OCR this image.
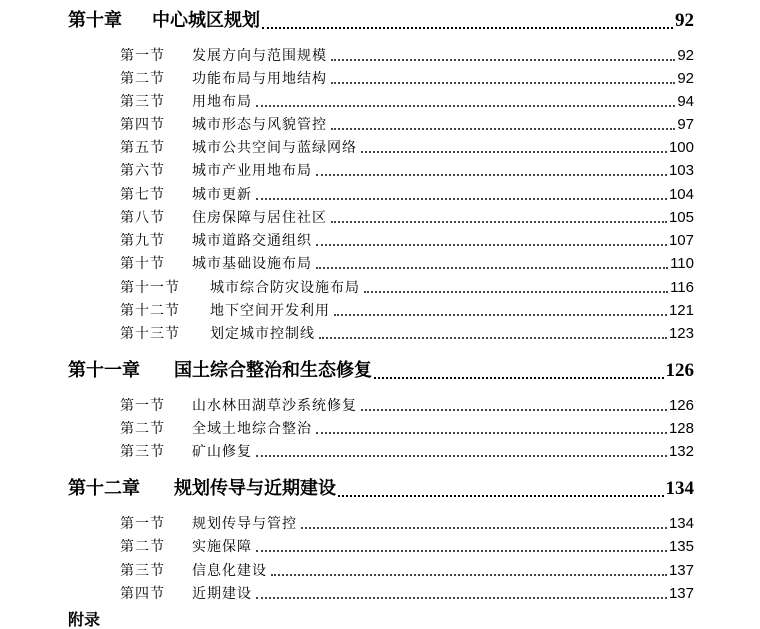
第十章	中心城区规划	92
第一节	发展方向与范围规模	92
第二节	功能布局与用地结构	92
第三节	用地布局	94
第四节	城市形态与风貌管控	97
第五节	城市公共空间与蓝绿网络	100
第六节	城市产业用地布局	103
第七节	城市更新	104
第八节	住房保障与居住社区	105
第九节	城市道路交通组织	107
第十节	城市基础设施布局	110
第十一节	城市综合防灾设施布局	116
第十二节	地下空间开发利用	121
第十三节	划定城市控制线	123
第十一章	国土综合整治和生态修复	126
第一节	山水林田湖草沙系统修复	126
第二节	全域土地综合整治	128
第三节	矿山修复	132
第十二章	规划传导与近期建设	134
第一节	规划传导与管控	134
第二节	实施保障	135
第三节	信息化建设	137
第四节	近期建设	137
附录
